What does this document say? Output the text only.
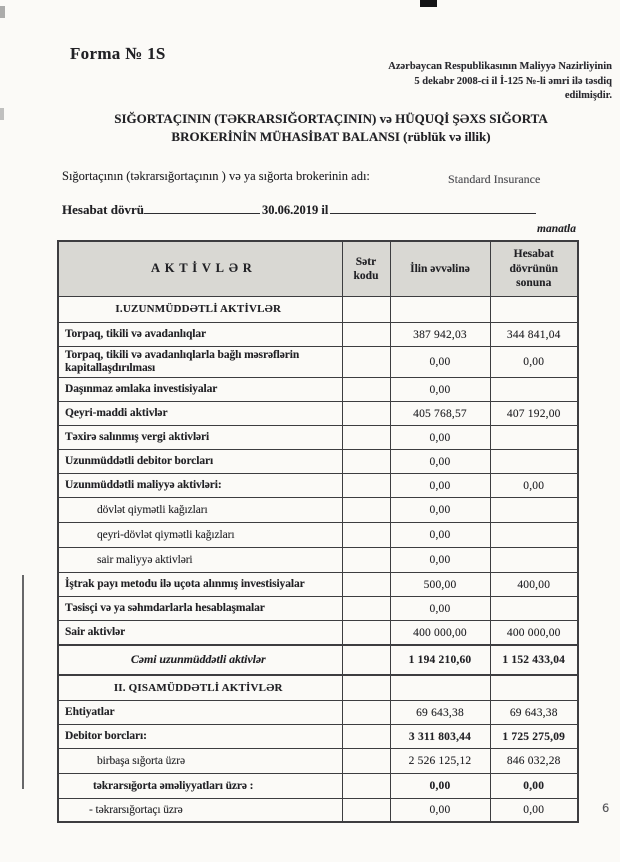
Forma № 1S
Azərbaycan Respublikasının Maliyyə Nazirliyinin
5 dekabr 2008-ci il İ-125 №-li əmri ilə təsdiq
edilmişdir.
SIĞORTAÇININ (TƏKRARSIĞORTAÇININ) və HÜQUQİ ŞƏXS SIĞORTA
BROKERİNİN MÜHASİBAT BALANSI (rüblük və illik)
Sığortaçının (təkrarsığortaçının ) və ya sığorta brokerinin adı:	Standard Insurance
Hesabat dövrü	30.06.2019 il
manatla
AKTİVLƏR	Sətr kodu	İlin əvvəlinə	Hesabat dövrünün sonuna
I.UZUNMÜDDƏTLİ AKTİVLƏR			
Torpaq, tikili və avadanlıqlar		387 942,03	344 841,04
Torpaq, tikili və avadanlıqlarla bağlı məsrəflərin kapitallaşdırılması		0,00	0,00
Daşınmaz əmlaka investisiyalar		0,00	
Qeyri-maddi aktivlər		405 768,57	407 192,00
Təxirə salınmış vergi aktivləri		0,00	
Uzunmüddətli debitor borcları		0,00	
Uzunmüddətli maliyyə aktivləri:		0,00	0,00
dövlət qiymətli kağızları		0,00	
qeyri-dövlət qiymətli kağızları		0,00	
sair maliyyə aktivləri		0,00	
İştrak payı metodu ilə uçota alınmış investisiyalar		500,00	400,00
Təsisçi və ya səhmdarlarla hesablaşmalar		0,00	
Sair aktivlər		400 000,00	400 000,00
Cəmi uzunmüddətli aktivlər		1 194 210,60	1 152 433,04
II. QISAMÜDDƏTLİ AKTİVLƏR			
Ehtiyatlar		69 643,38	69 643,38
Debitor borcları:		3 311 803,44	1 725 275,09
birbaşa sığorta üzrə		2 526 125,12	846 032,28
təkrarsığorta əməliyyatları üzrə :		0,00	0,00
- təkrarsığortaçı üzrə		0,00	0,00	6
